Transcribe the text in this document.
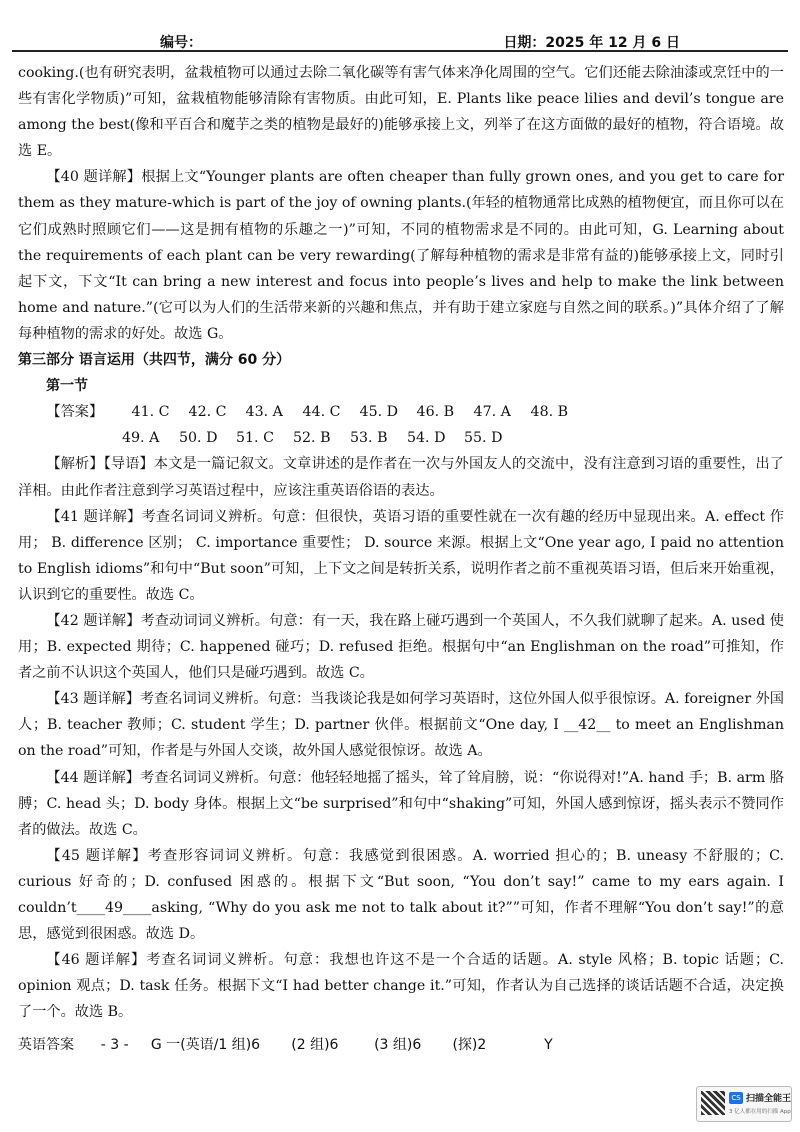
编号：	日期：2025 年 12 月 6 日

cooking.(也有研究表明，盆栽植物可以通过去除二氧化碳等有害气体来净化周围的空气。它们还能去除油漆或烹饪中的一些有害化学物质)”可知，盆栽植物能够清除有害物质。由此可知，E. Plants like peace lilies and devil’s tongue are among the best(像和平百合和魔芋之类的植物是最好的)能够承接上文，列举了在这方面做的最好的植物，符合语境。故选 E。

【40 题详解】根据上文“Younger plants are often cheaper than fully grown ones, and you get to care for them as they mature-which is part of the joy of owning plants.(年轻的植物通常比成熟的植物便宜，而且你可以在它们成熟时照顾它们——这是拥有植物的乐趣之一)”可知，不同的植物需求是不同的。由此可知，G. Learning about the requirements of each plant can be very rewarding(了解每种植物的需求是非常有益的)能够承接上文，同时引起下文，下文“It can bring a new interest and focus into people’s lives and help to make the link between home and nature.”(它可以为人们的生活带来新的兴趣和焦点，并有助于建立家庭与自然之间的联系。)”具体介绍了了解每种植物的需求的好处。故选 G。

第三部分 语言运用（共四节，满分 60 分）

第一节

【答案】 41. C 42. C 43. A 44. C 45. D 46. B 47. A 48. B

49. A 50. D 51. C 52. B 53. B 54. D 55. D

【解析】【导语】本文是一篇记叙文。文章讲述的是作者在一次与外国友人的交流中，没有注意到习语的重要性，出了洋相。由此作者注意到学习英语过程中，应该注重英语俗语的表达。

【41 题详解】考查名词词义辨析。句意：但很快，英语习语的重要性就在一次有趣的经历中显现出来。A. effect 作用； B. difference 区别； C. importance 重要性； D. source 来源。根据上文“One year ago, I paid no attention to English idioms”和句中“But soon”可知，上下文之间是转折关系，说明作者之前不重视英语习语，但后来开始重视，认识到它的重要性。故选 C。

【42 题详解】考查动词词义辨析。句意：有一天，我在路上碰巧遇到一个英国人，不久我们就聊了起来。A. used 使用；B. expected 期待；C. happened 碰巧；D. refused 拒绝。根据句中“an Englishman on the road”可推知，作者之前不认识这个英国人，他们只是碰巧遇到。故选 C。

【43 题详解】考查名词词义辨析。句意：当我谈论我是如何学习英语时，这位外国人似乎很惊讶。A. foreigner 外国人；B. teacher 教师；C. student 学生；D. partner 伙伴。根据前文“One day, I __42__ to meet an Englishman on the road”可知，作者是与外国人交谈，故外国人感觉很惊讶。故选 A。

【44 题详解】考查名词词义辨析。句意：他轻轻地摇了摇头，耸了耸肩膀，说：“你说得对!”A. hand 手；B. arm 胳膊；C. head 头；D. body 身体。根据上文“be surprised”和句中“shaking”可知，外国人感到惊讶，摇头表示不赞同作者的做法。故选 C。

【45 题详解】考查形容词词义辨析。句意：我感觉到很困惑。A. worried 担心的；B. uneasy 不舒服的；C. curious 好奇的；D. confused 困惑的。根据下文“But soon, “You don’t say!” came to my ears again. I couldn’t____49____asking, “Why do you ask me not to talk about it?””可知，作者不理解“You don’t say!”的意思，感觉到很困惑。故选 D。

【46 题详解】考查名词词义辨析。句意：我想也许这不是一个合适的话题。A. style 风格；B. topic 话题；C. opinion 观点；D. task 任务。根据下文“I had better change it.”可知，作者认为自己选择的谈话话题不合适，决定换了一个。故选 B。

英语答案 - 3 - G 一(英语/1 组)6 (2 组)6	(3 组)6 (探)2	Y
CS 扫描全能王
3 亿人都在用的扫描 App
